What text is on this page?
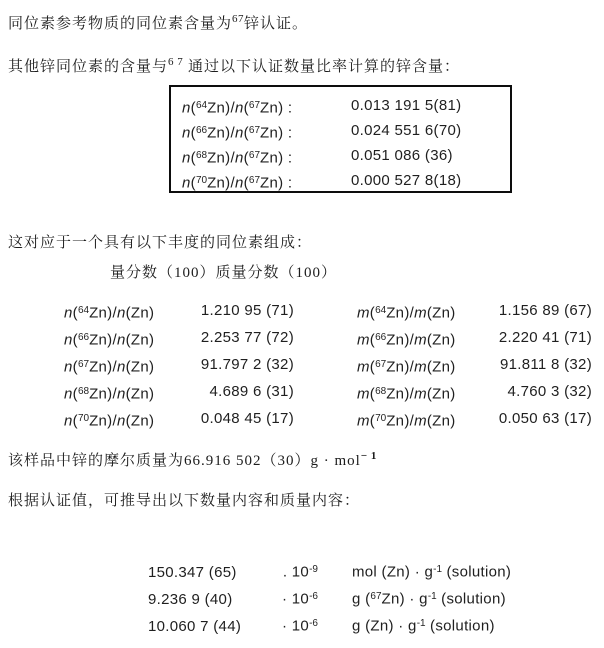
同位素参考物质的同位素含量为$^{67}$锌认证。

其他锌同位素的含量与$^{6 7}$ 通过以下认证数量比率计算的锌含量：

n($^{64}$Zn)/n($^{67}$Zn) :	0.013 191 5(81)
n($^{66}$Zn)/n($^{67}$Zn) :	0.024 551 6(70)
n($^{68}$Zn)/n($^{67}$Zn) :	0.051 086 (36)
n($^{70}$Zn)/n($^{67}$Zn) :	0.000 527 8(18)

这对应于一个具有以下丰度的同位素组成：

量分数（100）质量分数（100）

n($^{64}$Zn)/n(Zn)	1.210 95 (71)	m($^{64}$Zn)/m(Zn)	1.156 89 (67)
n($^{66}$Zn)/n(Zn)	2.253 77 (72)	m($^{66}$Zn)/m(Zn)	2.220 41 (71)
n($^{67}$Zn)/n(Zn)	91.797 2 (32)	m($^{67}$Zn)/m(Zn)	91.811 8 (32)
n($^{68}$Zn)/n(Zn)	4.689 6 (31)	m($^{68}$Zn)/m(Zn)	4.760 3 (32)
n($^{70}$Zn)/n(Zn)	0.048 45 (17)	m($^{70}$Zn)/m(Zn)	0.050 63 (17)

该样品中锌的摩尔质量为66.916 502（30）g · mol$^{- 1}$

根据认证值，可推导出以下数量内容和质量内容：

150.347 (65)	. $10^{-9}$ mol $(Zn) \cdot g^{-1}$ (solution)
9.236 9 (40)	· $10^{-6}$ g $(^{67}Zn) \cdot g^{-1}$ (solution)
10.060 7 (44)	· $10^{-6}$ g $(Zn) \cdot g^{-1}$ (solution)
